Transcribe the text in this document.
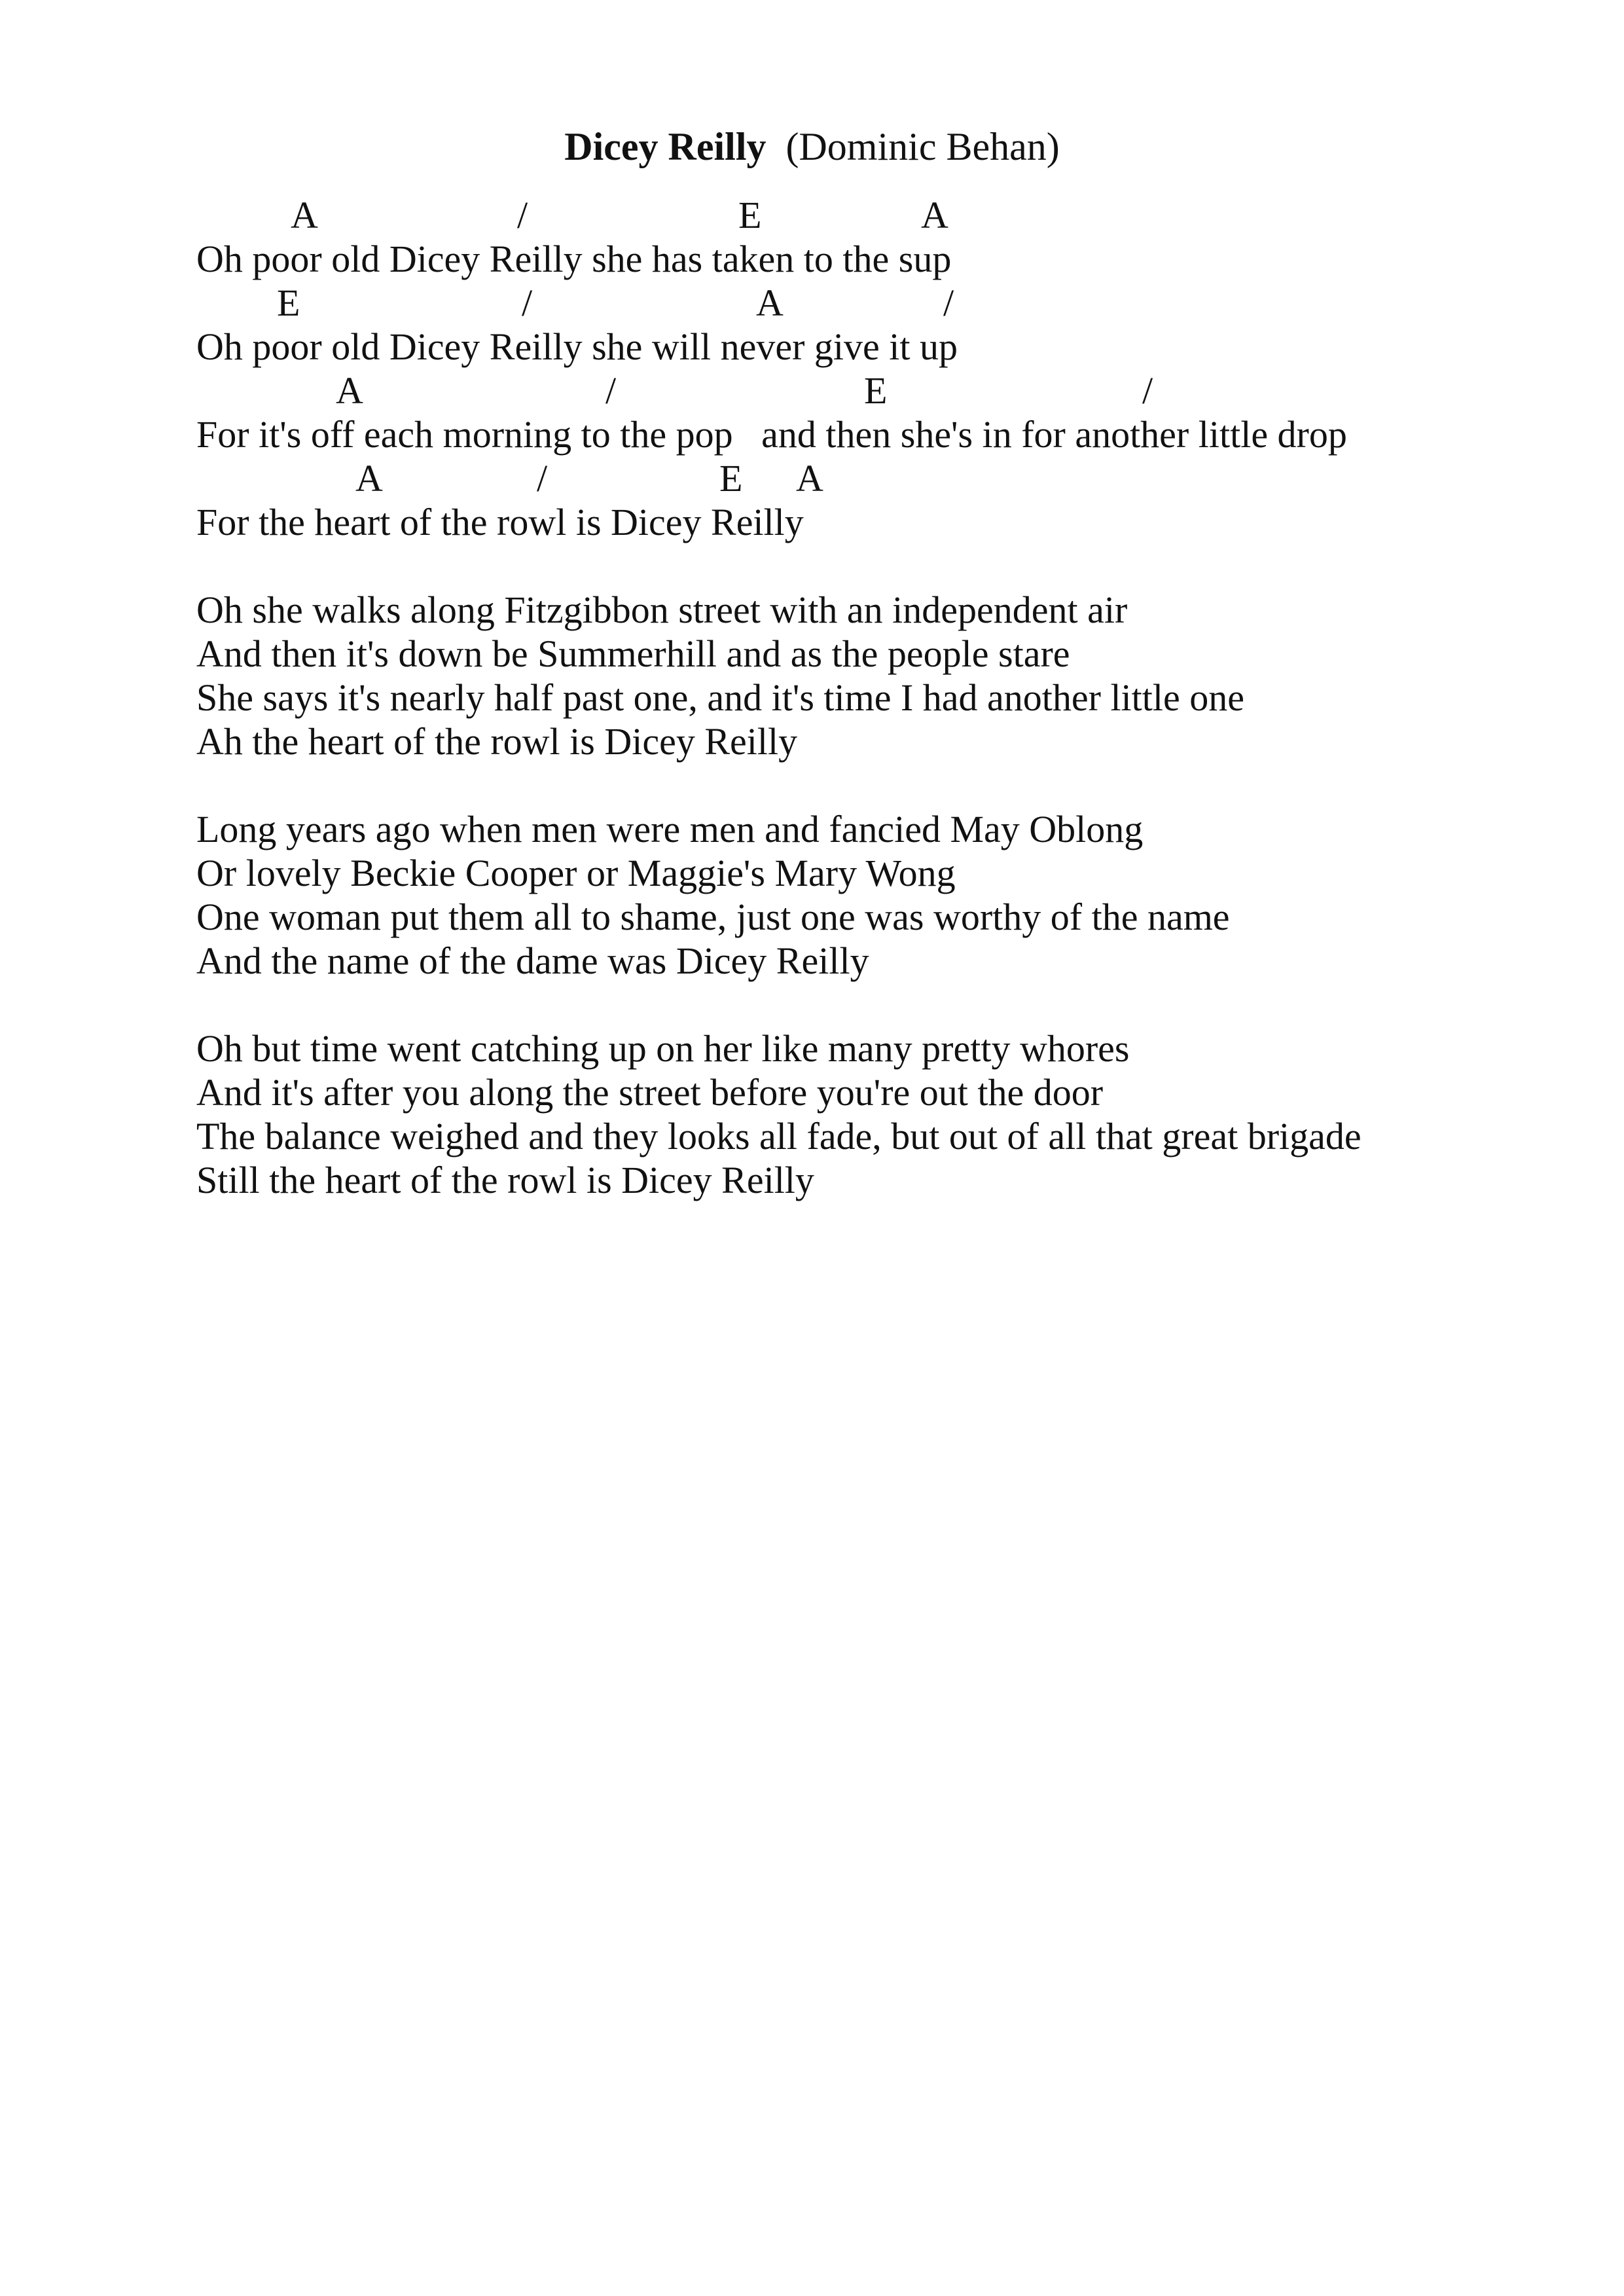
Dicey Reilly (Dominic Behan)
A	/	E	A
Oh poor old Dicey Reilly she has taken to the sup
E	/	A	/
Oh poor old Dicey Reilly she will never give it up
A	/	E	/
For it's off each morning to the pop   and then she's in for another little drop
A	/	E A
For the heart of the rowl is Dicey Reilly
Oh she walks along Fitzgibbon street with an independent air
And then it's down be Summerhill and as the people stare
She says it's nearly half past one, and it's time I had another little one
Ah the heart of the rowl is Dicey Reilly
Long years ago when men were men and fancied May Oblong
Or lovely Beckie Cooper or Maggie's Mary Wong
One woman put them all to shame, just one was worthy of the name
And the name of the dame was Dicey Reilly
Oh but time went catching up on her like many pretty whores
And it's after you along the street before you're out the door
The balance weighed and they looks all fade, but out of all that great brigade
Still the heart of the rowl is Dicey Reilly
